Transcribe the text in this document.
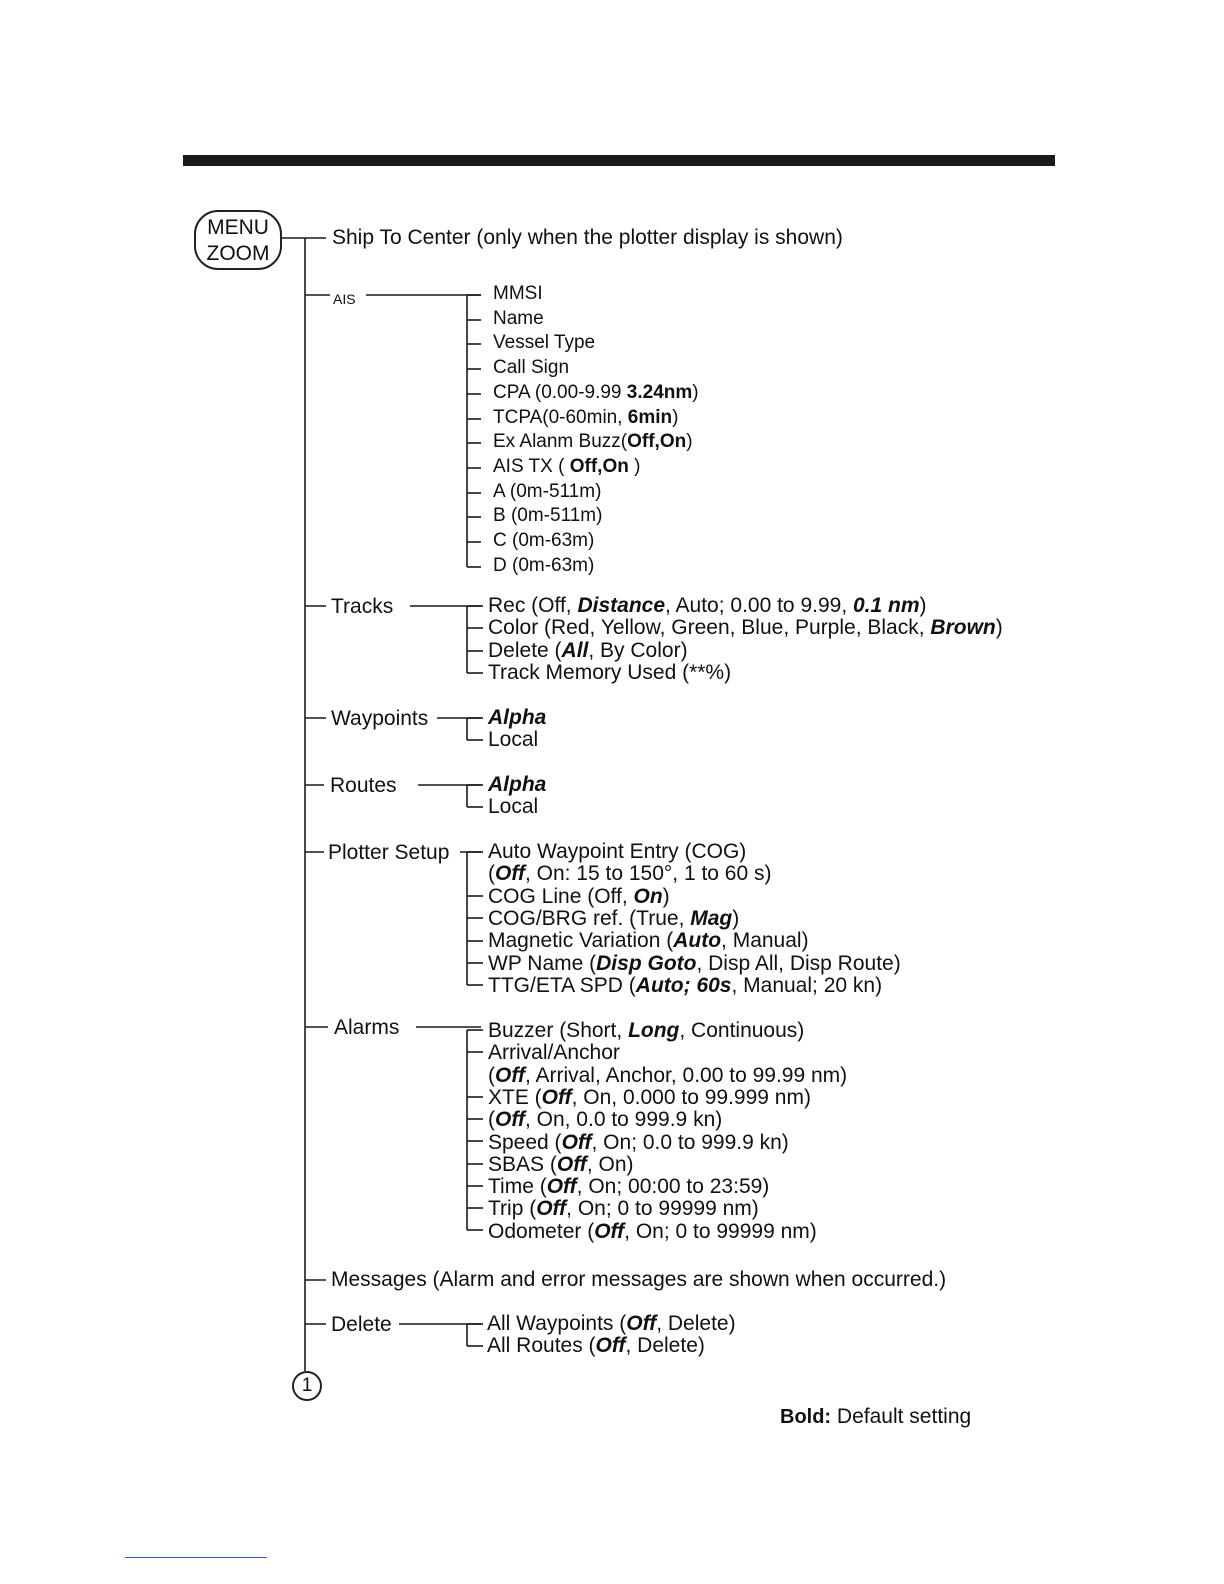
MENU
ZOOM
Ship To Center (only when the plotter display is shown)
AIS	MMSI
Name
Vessel Type
Call Sign
CPA (0.00-9.99 3.24nm)
TCPA(0-60min, 6min)
Ex Alanm Buzz(Off,On)
AIS TX ( Off,On )
A (0m-511m)
B (0m-511m)
C (0m-63m)
D (0m-63m)
Tracks	Rec (Off, Distance, Auto; 0.00 to 9.99, 0.1 nm)
Color (Red, Yellow, Green, Blue, Purple, Black, Brown)
Delete (All, By Color)
Track Memory Used (**%)
Waypoints	Alpha
Local
Routes	Alpha
Local
Plotter Setup Auto Waypoint Entry (COG)
(Off, On: 15 to 150°, 1 to 60 s)
COG Line (Off, On)
COG/BRG ref. (True, Mag)
Magnetic Variation (Auto, Manual)
WP Name (Disp Goto, Disp All, Disp Route)
TTG/ETA SPD (Auto; 60s, Manual; 20 kn)
Alarms	Buzzer (Short, Long, Continuous)
Arrival/Anchor
(Off, Arrival, Anchor, 0.00 to 99.99 nm)
XTE (Off, On, 0.000 to 99.999 nm)
(Off, On, 0.0 to 999.9 kn)
Speed (Off, On; 0.0 to 999.9 kn)
SBAS (Off, On)
Time (Off, On; 00:00 to 23:59)
Trip (Off, On; 0 to 99999 nm)
Odometer (Off, On; 0 to 99999 nm)
Messages (Alarm and error messages are shown when occurred.)
Delete	All Waypoints (Off, Delete)
All Routes (Off, Delete)
1
Bold: Default setting
